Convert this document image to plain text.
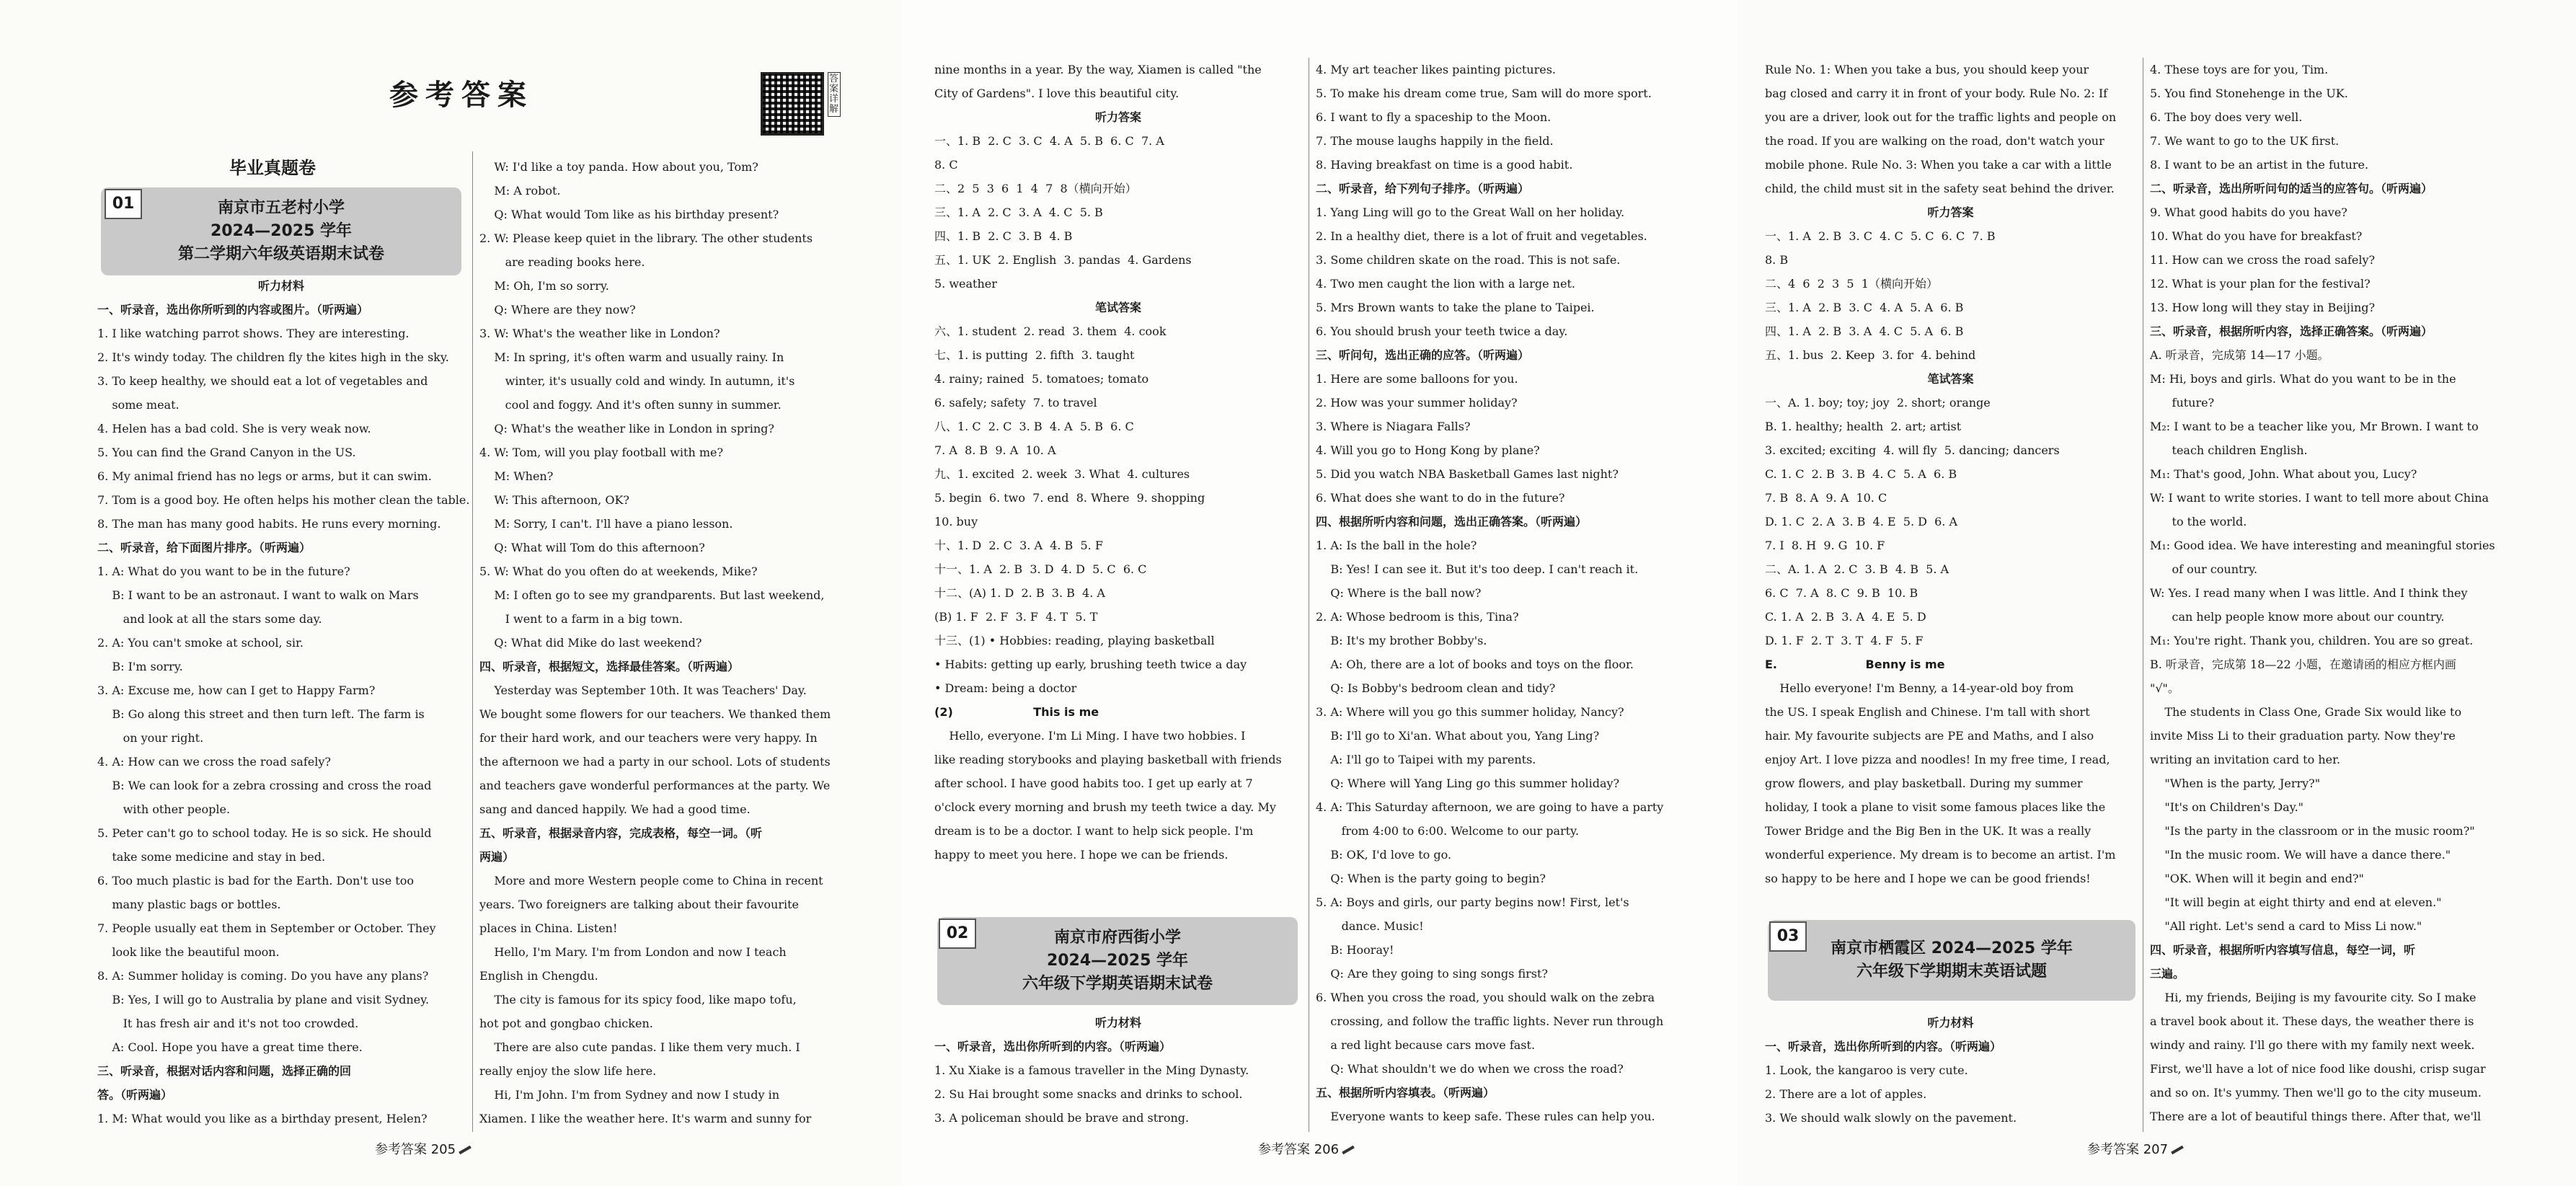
参考答案	答案详解
毕业真题卷
南京市五老村小学
2024—2025 学年
第二学期六年级英语期末试卷
01
南京市府西街小学
2024—2025 学年
六年级下学期英语期末试卷
02
南京市栖霞区 2024—2025 学年
六年级下学期期末英语试题
03

听力材料

一、听录音，选出你所听到的内容或图片。（听两遍）

1. I like watching parrot shows. They are interesting.

2. It's windy today. The children fly the kites high in the sky.

3. To keep healthy, we should eat a lot of vegetables and

some meat.

4. Helen has a bad cold. She is very weak now.

5. You can find the Grand Canyon in the US.

6. My animal friend has no legs or arms, but it can swim.

7. Tom is a good boy. He often helps his mother clean the table.

8. The man has many good habits. He runs every morning.

二、听录音，给下面图片排序。（听两遍）

1. A: What do you want to be in the future?

B: I want to be an astronaut. I want to walk on Mars

and look at all the stars some day.

2. A: You can't smoke at school, sir.

B: I'm sorry.

3. A: Excuse me, how can I get to Happy Farm?

B: Go along this street and then turn left. The farm is

on your right.

4. A: How can we cross the road safely?

B: We can look for a zebra crossing and cross the road

with other people.

5. Peter can't go to school today. He is so sick. He should

take some medicine and stay in bed.

6. Too much plastic is bad for the Earth. Don't use too

many plastic bags or bottles.

7. People usually eat them in September or October. They

look like the beautiful moon.

8. A: Summer holiday is coming. Do you have any plans?

B: Yes, I will go to Australia by plane and visit Sydney.

It has fresh air and it's not too crowded.

A: Cool. Hope you have a great time there.

三、听录音，根据对话内容和问题，选择正确的回

答。（听两遍）

1. M: What would you like as a birthday present, Helen?

W: I'd like a toy panda. How about you, Tom?

M: A robot.

Q: What would Tom like as his birthday present?

2. W: Please keep quiet in the library. The other students

are reading books here.

M: Oh, I'm so sorry.

Q: Where are they now?

3. W: What's the weather like in London?

M: In spring, it's often warm and usually rainy. In

winter, it's usually cold and windy. In autumn, it's

cool and foggy. And it's often sunny in summer.

Q: What's the weather like in London in spring?

4. W: Tom, will you play football with me?

M: When?

W: This afternoon, OK?

M: Sorry, I can't. I'll have a piano lesson.

Q: What will Tom do this afternoon?

5. W: What do you often do at weekends, Mike?

M: I often go to see my grandparents. But last weekend,

I went to a farm in a big town.

Q: What did Mike do last weekend?

四、听录音，根据短文，选择最佳答案。（听两遍）

Yesterday was September 10th. It was Teachers' Day.

We bought some flowers for our teachers. We thanked them

for their hard work, and our teachers were very happy. In

the afternoon we had a party in our school. Lots of students

and teachers gave wonderful performances at the party. We

sang and danced happily. We had a good time.

五、听录音，根据录音内容，完成表格，每空一词。（听

两遍）

More and more Western people come to China in recent

years. Two foreigners are talking about their favourite

places in China. Listen!

Hello, I'm Mary. I'm from London and now I teach

English in Chengdu.

The city is famous for its spicy food, like mapo tofu,

hot pot and gongbao chicken.

There are also cute pandas. I like them very much. I

really enjoy the slow life here.

Hi, I'm John. I'm from Sydney and now I study in

Xiamen. I like the weather here. It's warm and sunny for

nine months in a year. By the way, Xiamen is called "the

City of Gardens". I love this beautiful city.

听力答案

一、1. B  2. C  3. C  4. A  5. B  6. C  7. A

8. C

二、2  5  3  6  1  4  7  8（横向开始）

三、1. A  2. C  3. A  4. C  5. B

四、1. B  2. C  3. B  4. B

五、1. UK  2. English  3. pandas  4. Gardens

5. weather

笔试答案

六、1. student  2. read  3. them  4. cook

七、1. is putting  2. fifth  3. taught

4. rainy; rained  5. tomatoes; tomato

6. safely; safety  7. to travel

八、1. C  2. C  3. B  4. A  5. B  6. C

7. A  8. B  9. A  10. A

九、1. excited  2. week  3. What  4. cultures

5. begin  6. two  7. end  8. Where  9. shopping

10. buy

十、1. D  2. C  3. A  4. B  5. F

十一、1. A  2. B  3. D  4. D  5. C  6. C

十二、(A) 1. D  2. B  3. B  4. A

(B) 1. F  2. F  3. F  4. T  5. T

十三、(1) • Hobbies: reading, playing basketball

• Habits: getting up early, brushing teeth twice a day

• Dream: being a doctor

(2)                    This is me

Hello, everyone. I'm Li Ming. I have two hobbies. I

like reading storybooks and playing basketball with friends

after school. I have good habits too. I get up early at 7

o'clock every morning and brush my teeth twice a day. My

dream is to be a doctor. I want to help sick people. I'm

happy to meet you here. I hope we can be friends.

听力材料

一、听录音，选出你所听到的内容。（听两遍）

1. Xu Xiake is a famous traveller in the Ming Dynasty.

2. Su Hai brought some snacks and drinks to school.

3. A policeman should be brave and strong.

4. My art teacher likes painting pictures.

5. To make his dream come true, Sam will do more sport.

6. I want to fly a spaceship to the Moon.

7. The mouse laughs happily in the field.

8. Having breakfast on time is a good habit.

二、听录音，给下列句子排序。（听两遍）

1. Yang Ling will go to the Great Wall on her holiday.

2. In a healthy diet, there is a lot of fruit and vegetables.

3. Some children skate on the road. This is not safe.

4. Two men caught the lion with a large net.

5. Mrs Brown wants to take the plane to Taipei.

6. You should brush your teeth twice a day.

三、听问句，选出正确的应答。（听两遍）

1. Here are some balloons for you.

2. How was your summer holiday?

3. Where is Niagara Falls?

4. Will you go to Hong Kong by plane?

5. Did you watch NBA Basketball Games last night?

6. What does she want to do in the future?

四、根据所听内容和问题，选出正确答案。（听两遍）

1. A: Is the ball in the hole?

B: Yes! I can see it. But it's too deep. I can't reach it.

Q: Where is the ball now?

2. A: Whose bedroom is this, Tina?

B: It's my brother Bobby's.

A: Oh, there are a lot of books and toys on the floor.

Q: Is Bobby's bedroom clean and tidy?

3. A: Where will you go this summer holiday, Nancy?

B: I'll go to Xi'an. What about you, Yang Ling?

A: I'll go to Taipei with my parents.

Q: Where will Yang Ling go this summer holiday?

4. A: This Saturday afternoon, we are going to have a party

from 4:00 to 6:00. Welcome to our party.

B: OK, I'd love to go.

Q: When is the party going to begin?

5. A: Boys and girls, our party begins now! First, let's

dance. Music!

B: Hooray!

Q: Are they going to sing songs first?

6. When you cross the road, you should walk on the zebra

crossing, and follow the traffic lights. Never run through

a red light because cars move fast.

Q: What shouldn't we do when we cross the road?

五、根据所听内容填表。（听两遍）

Everyone wants to keep safe. These rules can help you.

Rule No. 1: When you take a bus, you should keep your

bag closed and carry it in front of your body. Rule No. 2: If

you are a driver, look out for the traffic lights and people on

the road. If you are walking on the road, don't watch your

mobile phone. Rule No. 3: When you take a car with a little

child, the child must sit in the safety seat behind the driver.

听力答案

一、1. A  2. B  3. C  4. C  5. C  6. C  7. B

8. B

二、4  6  2  3  5  1（横向开始）

三、1. A  2. B  3. C  4. A  5. A  6. B

四、1. A  2. B  3. A  4. C  5. A  6. B

五、1. bus  2. Keep  3. for  4. behind

笔试答案

一、A. 1. boy; toy; joy  2. short; orange

B. 1. healthy; health  2. art; artist

3. excited; exciting  4. will fly  5. dancing; dancers

C. 1. C  2. B  3. B  4. C  5. A  6. B

7. B  8. A  9. A  10. C

D. 1. C  2. A  3. B  4. E  5. D  6. A

7. I  8. H  9. G  10. F

二、A. 1. A  2. C  3. B  4. B  5. A

6. C  7. A  8. C  9. B  10. B

C. 1. A  2. B  3. A  4. E  5. D

D. 1. F  2. T  3. T  4. F  5. F

E.                      Benny is me

Hello everyone! I'm Benny, a 14-year-old boy from

the US. I speak English and Chinese. I'm tall with short

hair. My favourite subjects are PE and Maths, and I also

enjoy Art. I love pizza and noodles! In my free time, I read,

grow flowers, and play basketball. During my summer

holiday, I took a plane to visit some famous places like the

Tower Bridge and the Big Ben in the UK. It was a really

wonderful experience. My dream is to become an artist. I'm

so happy to be here and I hope we can be good friends!

听力材料

一、听录音，选出你所听到的内容。（听两遍）

1. Look, the kangaroo is very cute.

2. There are a lot of apples.

3. We should walk slowly on the pavement.

4. These toys are for you, Tim.

5. You find Stonehenge in the UK.

6. The boy does very well.

7. We want to go to the UK first.

8. I want to be an artist in the future.

二、听录音，选出所听问句的适当的应答句。（听两遍）

9. What good habits do you have?

10. What do you have for breakfast?

11. How can we cross the road safely?

12. What is your plan for the festival?

13. How long will they stay in Beijing?

三、听录音，根据所听内容，选择正确答案。（听两遍）

A. 听录音，完成第 14—17 小题。

M: Hi, boys and girls. What do you want to be in the

future?

M₂: I want to be a teacher like you, Mr Brown. I want to

teach children English.

M₁: That's good, John. What about you, Lucy?

W: I want to write stories. I want to tell more about China

to the world.

M₁: Good idea. We have interesting and meaningful stories

of our country.

W: Yes. I read many when I was little. And I think they

can help people know more about our country.

M₁: You're right. Thank you, children. You are so great.

B. 听录音，完成第 18—22 小题，在邀请函的相应方框内画

"√"。

The students in Class One, Grade Six would like to

invite Miss Li to their graduation party. Now they're

writing an invitation card to her.

"When is the party, Jerry?"

"It's on Children's Day."

"Is the party in the classroom or in the music room?"

"In the music room. We will have a dance there."

"OK. When will it begin and end?"

"It will begin at eight thirty and end at eleven."

"All right. Let's send a card to Miss Li now."

四、听录音，根据所听内容填写信息，每空一词，听

三遍。

Hi, my friends, Beijing is my favourite city. So I make

a travel book about it. These days, the weather there is

windy and rainy. I'll go there with my family next week.

First, we'll have a lot of nice food like doushi, crisp sugar

and so on. It's yummy. Then we'll go to the city museum.

There are a lot of beautiful things there. After that, we'll

参考答案 205	参考答案 206	参考答案 207
